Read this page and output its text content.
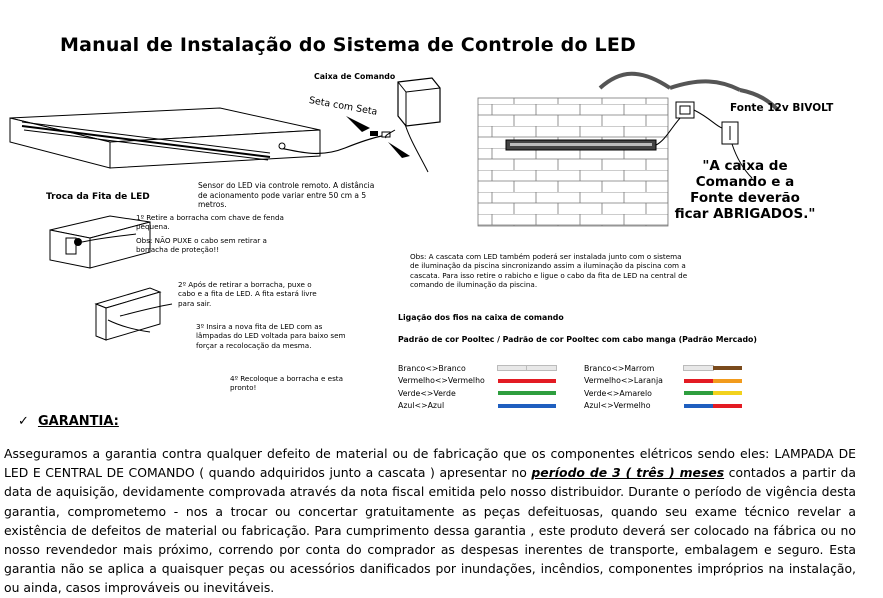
Manual de Instalação do Sistema de Controle do LED
Caixa de Comando
Seta com Seta
Sensor do LED via controle remoto. A distância de acionamento pode variar entre 50 cm a 5 metros.
Fonte 12v BIVOLT
"A caixa de Comando e a Fonte deverão ficar ABRIGADOS."
Troca da Fita de LED
1º Retire a borracha com chave de fenda pequena.
Obs: NÃO PUXE o cabo sem retirar a borracha de proteção!!
2º Após de retirar a borracha, puxe o cabo e a fita de LED. A fita estará livre para sair.
3º Insira a nova fita de LED com as lâmpadas do LED voltada para baixo sem forçar a recolocação da mesma.
4º Recoloque a borracha e esta pronto!
Obs: A cascata com LED também poderá ser instalada junto com o sistema de iluminação da piscina sincronizando assim a iluminação da piscina com a cascata. Para isso retire o rabicho e ligue o cabo da fita de LED na central de comando de iluminação da piscina.
Ligação dos fios na caixa de comando
Padrão de cor Pooltec / Padrão de cor Pooltec com cabo manga (Padrão Mercado)
Branco<>Branco
Vermelho<>Vermelho
Verde<>Verde
Azul<>Azul
Branco<>Marrom
Vermelho<>Laranja
Verde<>Amarelo
Azul<>Vermelho
✓ GARANTIA:
Asseguramos a garantia contra qualquer defeito de material ou de fabricação que os componentes elétricos sendo eles: LAMPADA DE LED E CENTRAL DE COMANDO ( quando adquiridos junto a cascata ) apresentar no período de 3 ( três ) meses contados a partir da data de aquisição, devidamente comprovada através da nota fiscal emitida pelo nosso distribuidor. Durante o período de vigência desta garantia, comprometemo - nos a trocar ou concertar gratuitamente as peças defeituosas, quando seu exame técnico revelar a existência de defeitos de material ou fabricação. Para cumprimento dessa garantia , este produto deverá ser colocado na fábrica ou no nosso revendedor mais próximo, correndo por conta do comprador as despesas inerentes de transporte, embalagem e seguro. Esta garantia não se aplica a quaisquer peças ou acessórios danificados por inundações, incêndios, componentes impróprios na instalação, ou ainda, casos improváveis ou inevitáveis.
